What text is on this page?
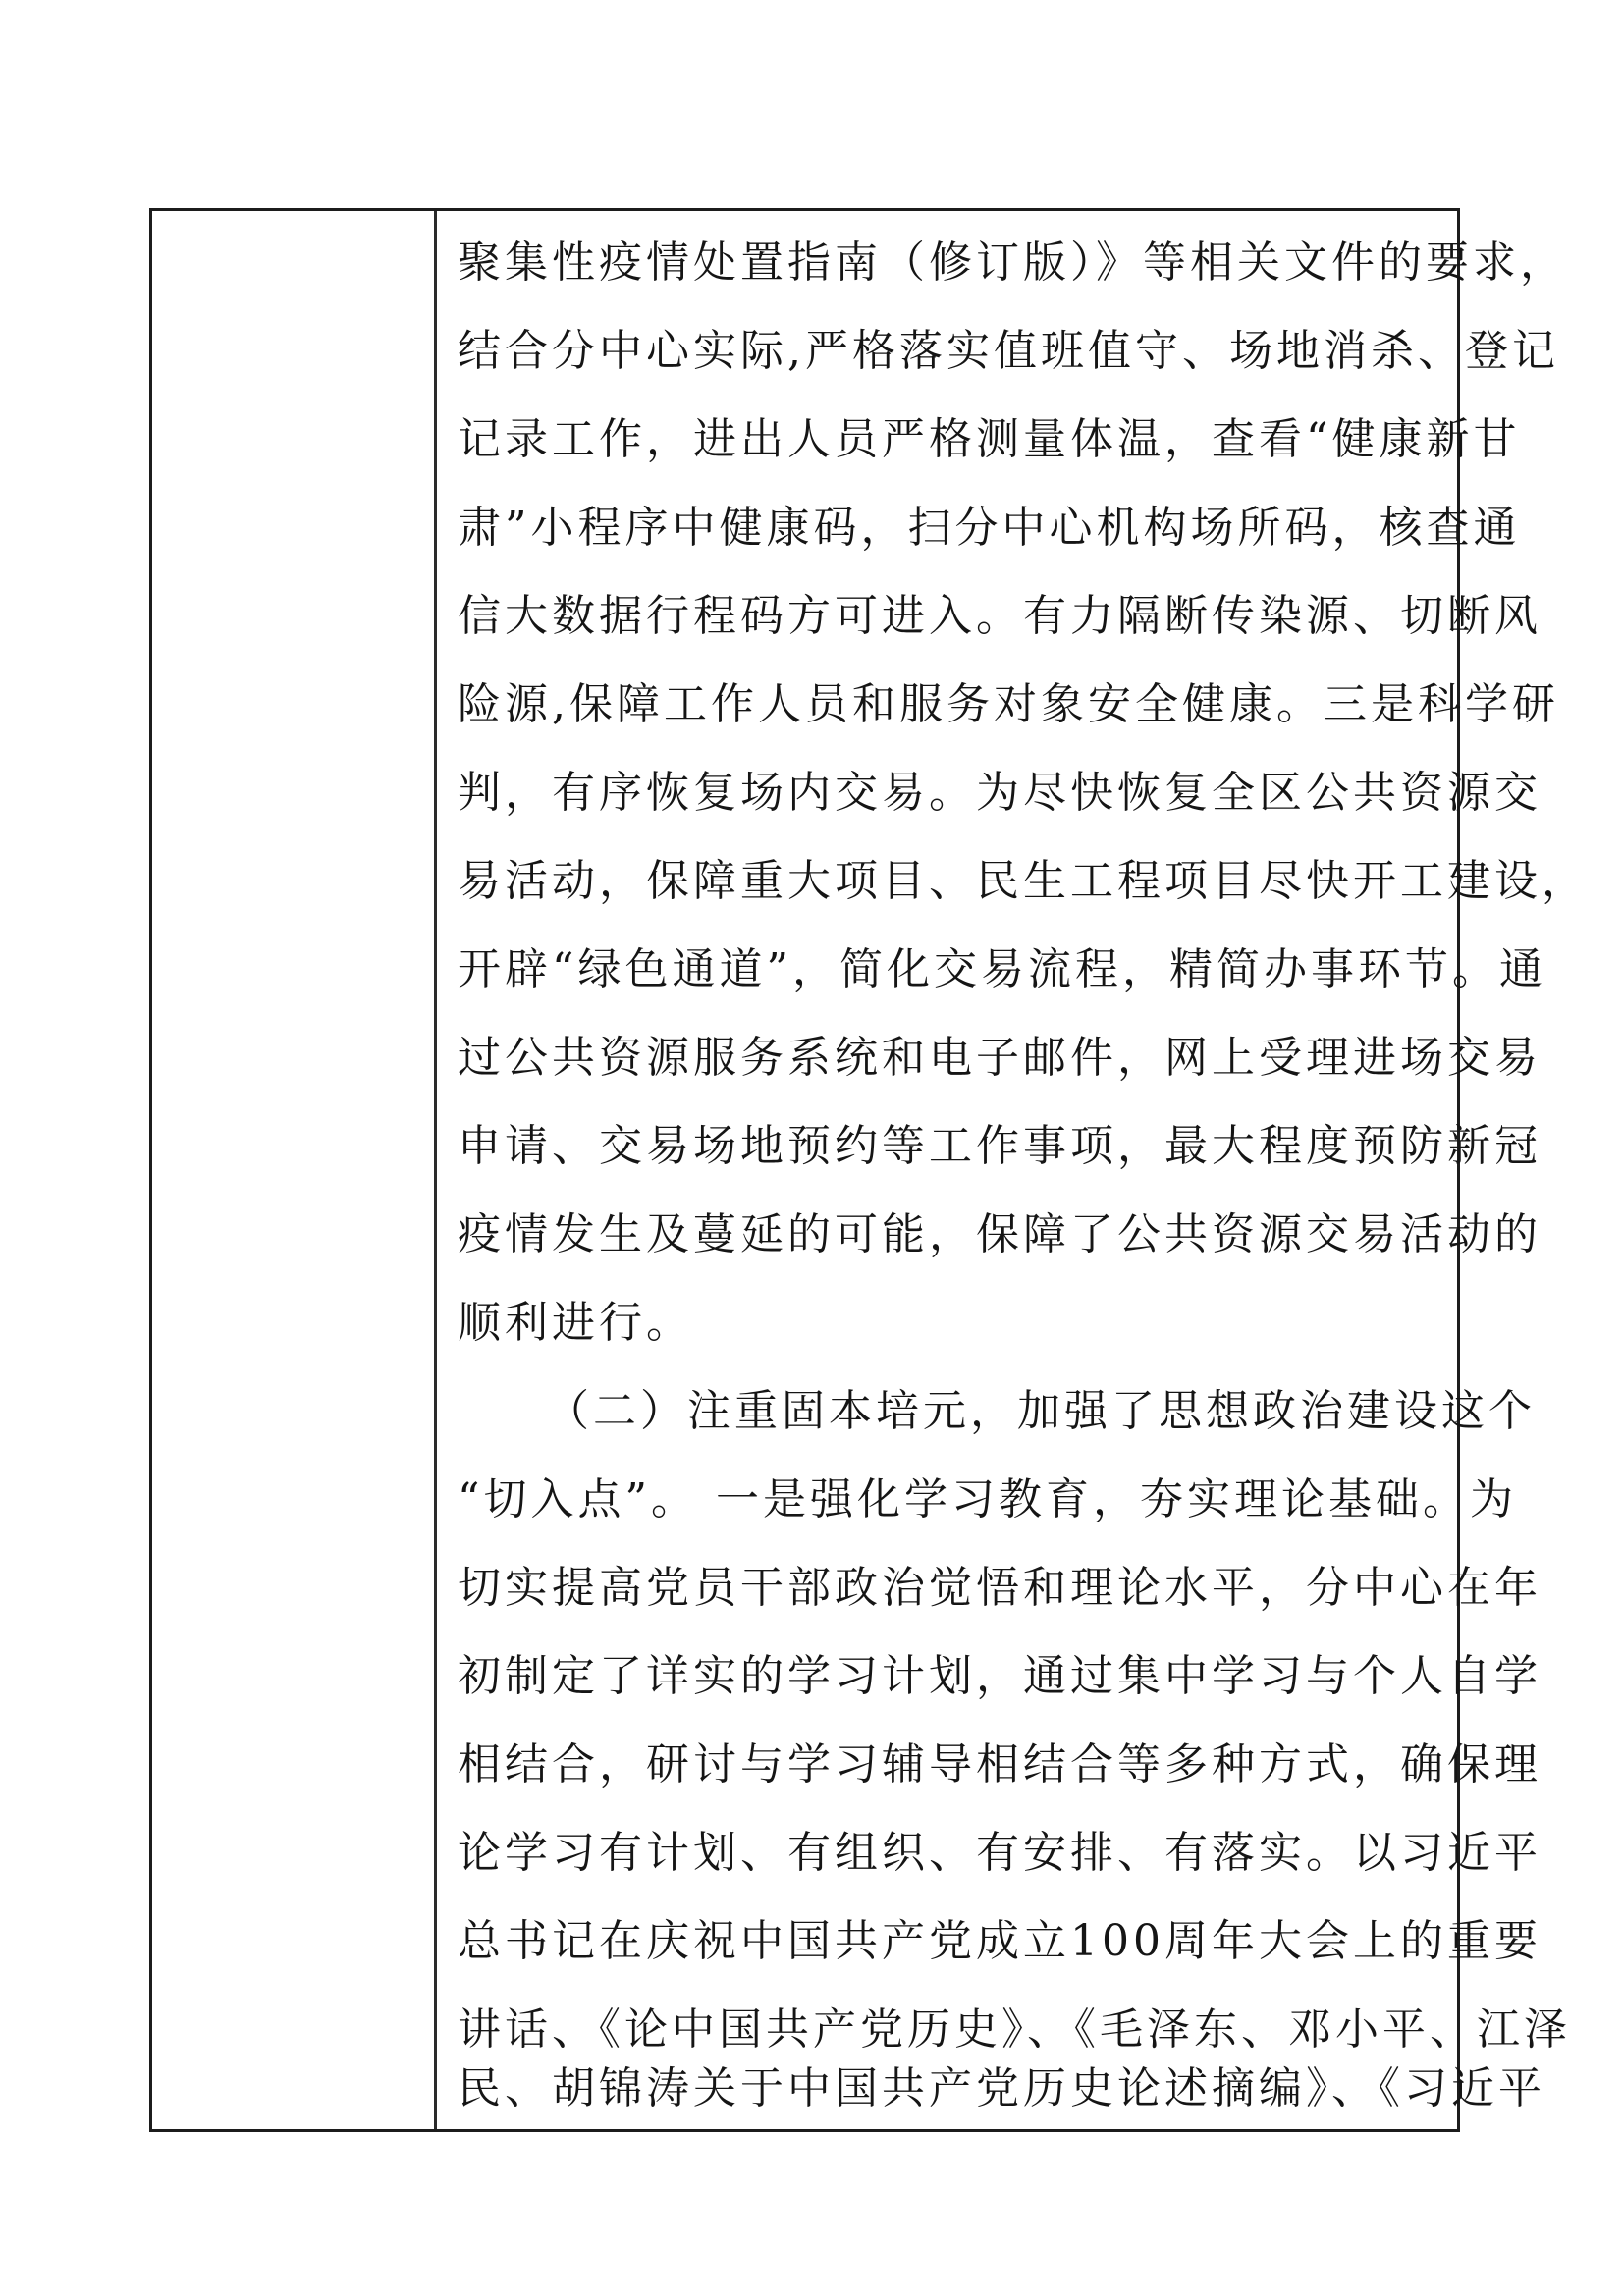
聚集性疫情处置指南（修订版）》等相关文件的要求，
结合分中心实际,严格落实值班值守、场地消杀、登记
记录工作，进出人员严格测量体温，查看“健康新甘
肃”小程序中健康码，扫分中心机构场所码，核查通
信大数据行程码方可进入。有力隔断传染源、切断风
险源,保障工作人员和服务对象安全健康。三是科学研
判，有序恢复场内交易。为尽快恢复全区公共资源交
易活动，保障重大项目、民生工程项目尽快开工建设，
开辟“绿色通道”，简化交易流程，精简办事环节。通
过公共资源服务系统和电子邮件，网上受理进场交易
申请、交易场地预约等工作事项，最大程度预防新冠
疫情发生及蔓延的可能，保障了公共资源交易活动的
顺利进行。
（二）注重固本培元，加强了思想政治建设这个
“切入点”。 一是强化学习教育，夯实理论基础。为
切实提高党员干部政治觉悟和理论水平，分中心在年
初制定了详实的学习计划，通过集中学习与个人自学
相结合，研讨与学习辅导相结合等多种方式，确保理
论学习有计划、有组织、有安排、有落实。以习近平
总书记在庆祝中国共产党成立100周年大会上的重要
讲话、《论中国共产党历史》、《毛泽东、邓小平、江泽
民、胡锦涛关于中国共产党历史论述摘编》、《习近平
